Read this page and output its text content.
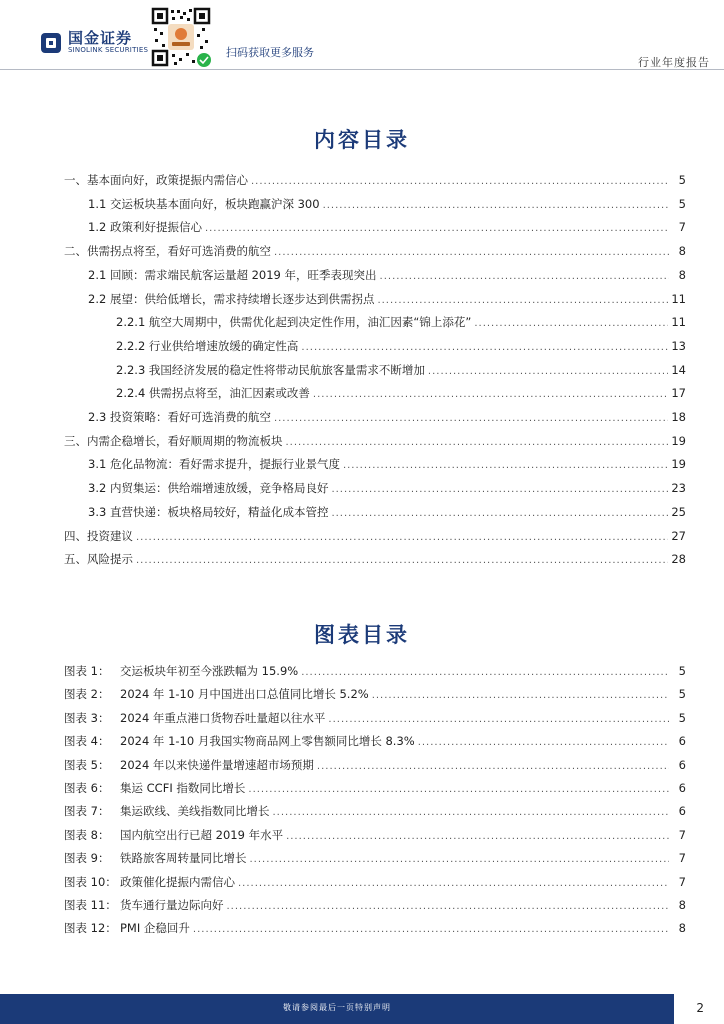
国金证券
SINOLINK SECURITIES	扫码获取更多服务
行业年度报告
内容目录
一、基本面向好，政策提振内需信心 .....	5
1.1 交运板块基本面向好，板块跑赢沪深 300 .....	5
1.2 政策利好提振信心 .....	7
二、供需拐点将至，看好可选消费的航空 .....	8
2.1 回顾：需求端民航客运量超 2019 年，旺季表现突出 .....	8
2.2 展望：供给低增长，需求持续增长逐步达到供需拐点 .....	11
2.2.1 航空大周期中，供需优化起到决定性作用，油汇因素“锦上添花” .....	11
2.2.2 行业供给增速放缓的确定性高 .....	13
2.2.3 我国经济发展的稳定性将带动民航旅客量需求不断增加 .....	14
2.2.4 供需拐点将至，油汇因素或改善 .....	17
2.3 投资策略：看好可选消费的航空 .....	18
三、内需企稳增长，看好顺周期的物流板块 .....	19
3.1 危化品物流：看好需求提升，提振行业景气度 .....	19
3.2 内贸集运：供给端增速放缓，竞争格局良好 .....	23
3.3 直营快递：板块格局较好，精益化成本管控 .....	25
四、投资建议 .....	27
五、风险提示 .....	28
图表目录
图表 1： 交运板块年初至今涨跌幅为 15.9% .....	5
图表 2： 2024 年 1-10 月中国进出口总值同比增长 5.2% .....	5
图表 3： 2024 年重点港口货物吞吐量超以往水平 .....	5
图表 4： 2024 年 1-10 月我国实物商品网上零售额同比增长 8.3% .....	6
图表 5： 2024 年以来快递件量增速超市场预期 .....	6
图表 6： 集运 CCFI 指数同比增长 .....	6
图表 7： 集运欧线、美线指数同比增长 .....	6
图表 8： 国内航空出行已超 2019 年水平 .....	7
图表 9： 铁路旅客周转量同比增长 .....	7
图表 10： 政策催化提振内需信心 .....	7
图表 11： 货车通行量边际向好 .....	8
图表 12： PMI 企稳回升 .....	8
敬请参阅最后一页特别声明	2
